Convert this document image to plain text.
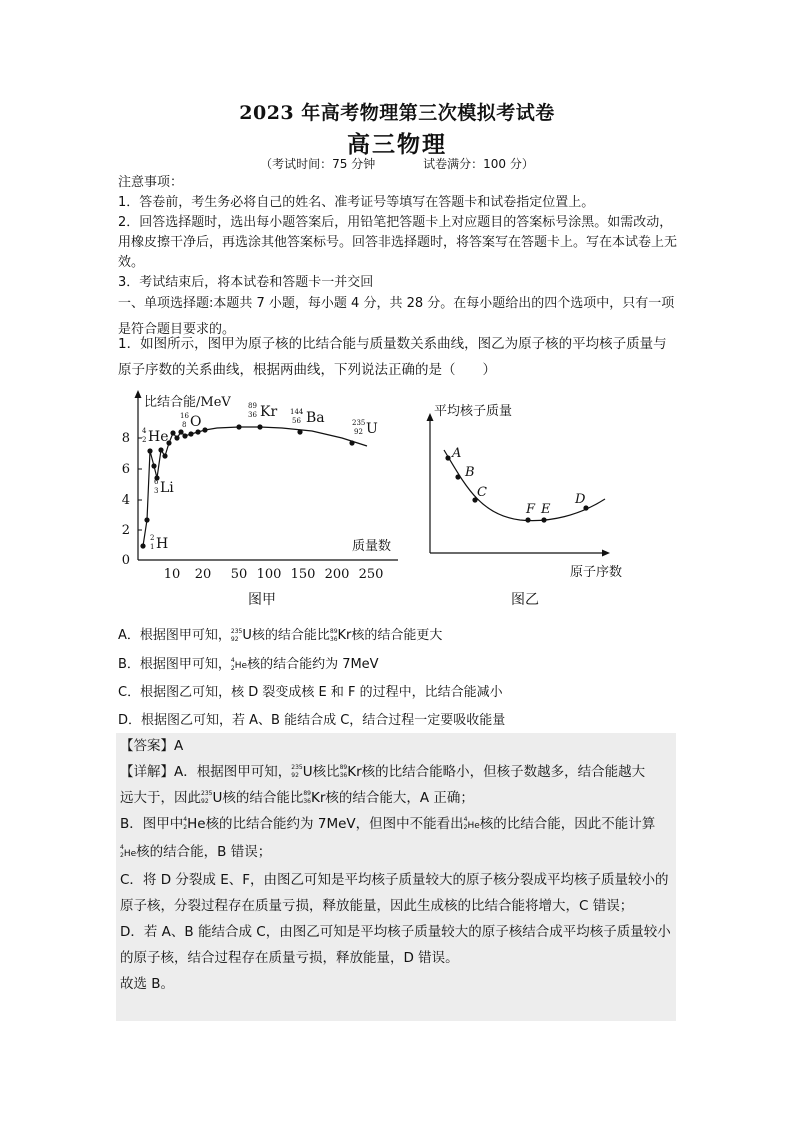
2023 年高考物理第三次模拟考试卷
高三物理
（考试时间：75 分钟	试卷满分：100 分）

注意事项：

1．答卷前，考生务必将自己的姓名、准考证号等填写在答题卡和试卷指定位置上。

2．回答选择题时，选出每小题答案后，用铅笔把答题卡上对应题目的答案标号涂黑。如需改动，用橡皮擦干净后，再选涂其他答案标号。回答非选择题时，将答案写在答题卡上。写在本试卷上无效。

3．考试结束后，将本试卷和答题卡一并交回

一、单项选择题:本题共 7 小题，每小题 4 分，共 28 分。在每小题给出的四个选项中，只有一项是符合题目要求的。

1．如图所示，图甲为原子核的比结合能与质量数关系曲线，图乙为原子核的平均核子质量与原子序数的关系曲线，根据两曲线，下列说法正确的是（　　）
0
2
4
6
8
10 20 50 100 150 200 250
比结合能/MeV
质量数
2
1 H
6
3 Li
4
2 He
16
8 O
89
36 Kr 144
56 Ba	235
92 U
图甲
平均核子质量
原子序数
A
B
C
F E
D
图乙
A．根据图甲可知，235
92 U核的结合能比89
36Kr核的结合能更大
B．根据图甲可知，4
2He核的结合能约为 7MeV
C．根据图乙可知，核 D 裂变成核 E 和 F 的过程中，比结合能减小
D．根据图乙可知，若 A、B 能结合成 C，结合过程一定要吸收能量

【答案】A

【详解】A．根据图甲可知，235
92 U核比89
36Kr核的比结合能略小，但核子数越多，结合能越大

远大于，因此235
92 U核的结合能比89
36Kr核的结合能大，A 正确；

B．图甲中4
2He核的比结合能约为 7MeV，但图中不能看出4
2He核的比结合能，因此不能计算

4
2He核的结合能，B 错误；

C．将 D 分裂成 E、F，由图乙可知是平均核子质量较大的原子核分裂成平均核子质量较小的

原子核，分裂过程存在质量亏损，释放能量，因此生成核的比结合能将增大，C 错误；

D．若 A、B 能结合成 C，由图乙可知是平均核子质量较大的原子核结合成平均核子质量较小

的原子核，结合过程存在质量亏损，释放能量，D 错误。

故选 B。
